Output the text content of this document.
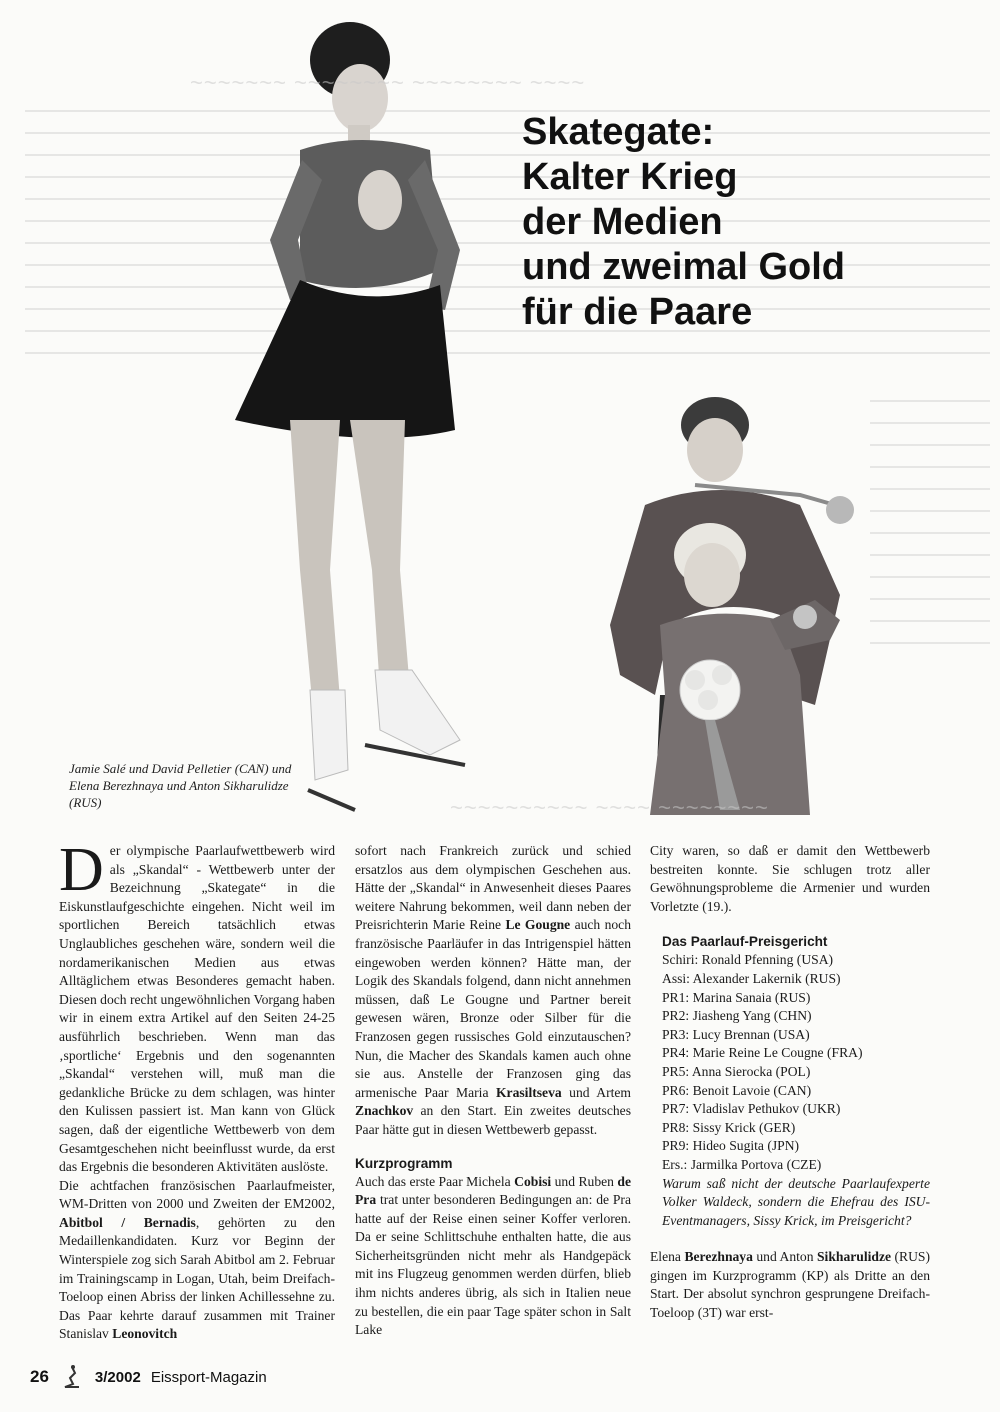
~~~~~~~ ~~~~~~~~ ~~~~~~~~ ~~~~
~~~~~~~~~~ ~~~~ ~~~~~~~~
Skategate:
Kalter Krieg
der Medien
und zweimal Gold
für die Paare

Jamie Salé und David Pelletier (CAN) und Elena Berezhnaya und Anton Sikharulidze (RUS)

Der olympische Paarlaufwettbewerb wird als „Skandal“ - Wettbewerb unter der Bezeichnung „Skategate“ in die Eiskunstlaufgeschichte eingehen. Nicht weil im sportlichen Bereich tatsächlich etwas Unglaubliches geschehen wäre, sondern weil die nordamerikanischen Medien aus etwas Alltäglichem etwas Besonderes gemacht haben. Diesen doch recht ungewöhnlichen Vorgang haben wir in einem extra Artikel auf den Seiten 24-25 ausführlich beschrieben. Wenn man das ‚sportliche‘ Ergebnis und den sogenannten „Skandal“ verstehen will, muß man die gedankliche Brücke zu dem schlagen, was hinter den Kulissen passiert ist. Man kann von Glück sagen, daß der eigentliche Wettbewerb von dem Gesamtgeschehen nicht beeinflusst wurde, da erst das Ergebnis die besonderen Aktivitäten auslöste.

Die achtfachen französischen Paarlaufmeister, WM-Dritten von 2000 und Zweiten der EM2002, Abitbol / Bernadis, gehörten zu den Medaillenkandidaten. Kurz vor Beginn der Winterspiele zog sich Sarah Abitbol am 2. Februar im Trainingscamp in Logan, Utah, beim Dreifach-Toeloop einen Abriss der linken Achillessehne zu. Das Paar kehrte darauf zusammen mit Trainer Stanislav Leonovitch

sofort nach Frankreich zurück und schied ersatzlos aus dem olympischen Geschehen aus. Hätte der „Skandal“ in Anwesenheit dieses Paares weitere Nahrung bekommen, weil dann neben der Preisrichterin Marie Reine Le Gougne auch noch französische Paarläufer in das Intrigenspiel hätten eingewoben werden können? Hätte man, der Logik des Skandals folgend, dann nicht annehmen müssen, daß Le Gougne und Partner bereit gewesen wären, Bronze oder Silber für die Franzosen gegen russisches Gold einzutauschen? Nun, die Macher des Skandals kamen auch ohne sie aus. Anstelle der Franzosen ging das armenische Paar Maria Krasiltseva und Artem Znachkov an den Start. Ein zweites deutsches Paar hätte gut in diesen Wettbewerb gepasst.

Kurzprogramm

Auch das erste Paar Michela Cobisi und Ruben de Pra trat unter besonderen Bedingungen an: de Pra hatte auf der Reise einen seiner Koffer verloren. Da er seine Schlittschuhe enthalten hatte, die aus Sicherheitsgründen nicht mehr als Handgepäck mit ins Flugzeug genommen werden dürfen, blieb ihm nichts anderes übrig, als sich in Italien neue zu bestellen, die ein paar Tage später schon in Salt Lake

City waren, so daß er damit den Wettbewerb bestreiten konnte. Sie schlugen trotz aller Gewöhnungsprobleme die Armenier und wurden Vorletzte (19.).

Das Paarlauf-Preisgericht

Schiri: Ronald Pfenning (USA)
Assi: Alexander Lakernik (RUS)
PR1: Marina Sanaia (RUS)
PR2: Jiasheng Yang (CHN)
PR3: Lucy Brennan (USA)
PR4: Marie Reine Le Cougne (FRA)
PR5: Anna Sierocka (POL)
PR6: Benoit Lavoie (CAN)
PR7: Vladislav Pethukov (UKR)
PR8: Sissy Krick (GER)
PR9: Hideo Sugita (JPN)
Ers.: Jarmilka Portova (CZE)

Warum saß nicht der deutsche Paarlaufexperte Volker Waldeck, sondern die Ehefrau des ISU-Eventmanagers, Sissy Krick, im Preisgericht?

Elena Berezhnaya und Anton Sikharulidze (RUS) gingen im Kurzprogramm (KP) als Dritte an den Start. Der absolut synchron gesprungene Dreifach-Toeloop (3T) war erst-

26	3/2002 Eissport-Magazin
